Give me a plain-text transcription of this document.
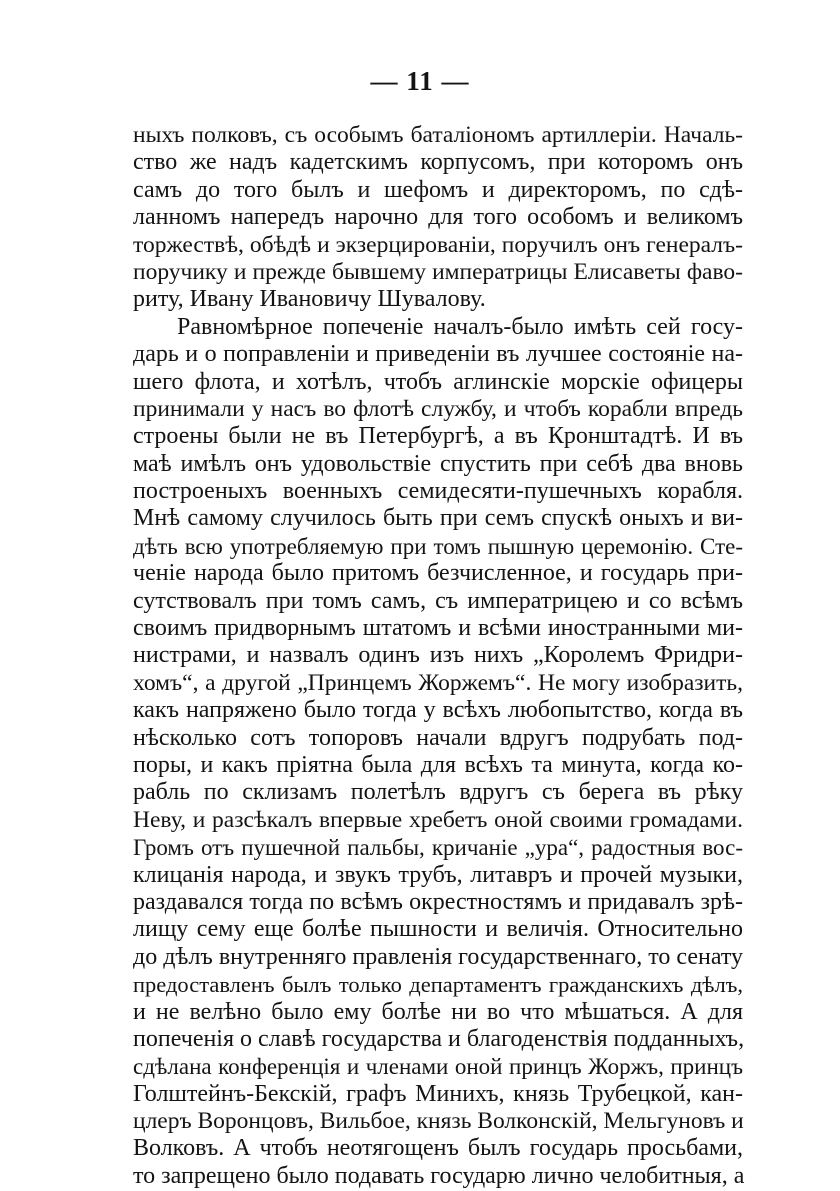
— 11 —
ныхъ полковъ, съ особымъ баталіономъ артиллеріи. Началь-
ство же надъ кадетскимъ корпусомъ, при которомъ онъ
самъ до того былъ и шефомъ и директоромъ, по сдѣ-
ланномъ напередъ нарочно для того особомъ и великомъ
торжествѣ, обѣдѣ и экзерцированіи, поручилъ онъ генералъ-
поручику и прежде бывшему императрицы Елисаветы фаво-
риту, Ивану Ивановичу Шувалову.
Равномѣрное попеченіе началъ-было имѣть сей госу-
дарь и о поправленіи и приведеніи въ лучшее состояніе на-
шего флота, и хотѣлъ, чтобъ аглинскіе морскіе офицеры
принимали у насъ во флотѣ службу, и чтобъ корабли впредь
строены были не въ Петербургѣ, а въ Кронштадтѣ. И въ
маѣ имѣлъ онъ удовольствіе спустить при себѣ два вновь
построеныхъ военныхъ семидесяти-пушечныхъ корабля.
Мнѣ самому случилось быть при семъ спускѣ оныхъ и ви-
дѣть всю употребляемую при томъ пышную церемонію. Сте-
ченіе народа было притомъ безчисленное, и государь при-
сутствовалъ при томъ самъ, съ императрицею и со всѣмъ
своимъ придворнымъ штатомъ и всѣми иностранными ми-
нистрами, и назвалъ одинъ изъ нихъ „Королемъ Фридри-
хомъ“, а другой „Принцемъ Жоржемъ“. Не могу изобразить,
какъ напряжено было тогда у всѣхъ любопытство, когда въ
нѣсколько сотъ топоровъ начали вдругъ подрубать под-
поры, и какъ пріятна была для всѣхъ та минута, когда ко-
рабль по склизамъ полетѣлъ вдругъ съ берега въ рѣку
Неву, и разсѣкалъ впервые хребетъ оной своими громадами.
Громъ отъ пушечной пальбы, кричаніе „ура“, радостныя вос-
клицанія народа, и звукъ трубъ, литавръ и прочей музыки,
раздавался тогда по всѣмъ окрестностямъ и придавалъ зрѣ-
лищу сему еще болѣе пышности и величія. Относительно
до дѣлъ внутренняго правленія государственнаго, то сенату
предоставленъ былъ только департаментъ гражданскихъ дѣлъ,
и не велѣно было ему болѣе ни во что мѣшаться. А для
попеченія о славѣ государства и благоденствія подданныхъ,
сдѣлана конференція и членами оной принцъ Жоржъ, принцъ
Голштейнъ-Бекскій, графъ Минихъ, князь Трубецкой, кан-
цлеръ Воронцовъ, Вильбое, князь Волконскій, Мельгуновъ и
Волковъ. А чтобъ неотягощенъ былъ государь просьбами,
то запрещено было подавать государю лично челобитныя, а
